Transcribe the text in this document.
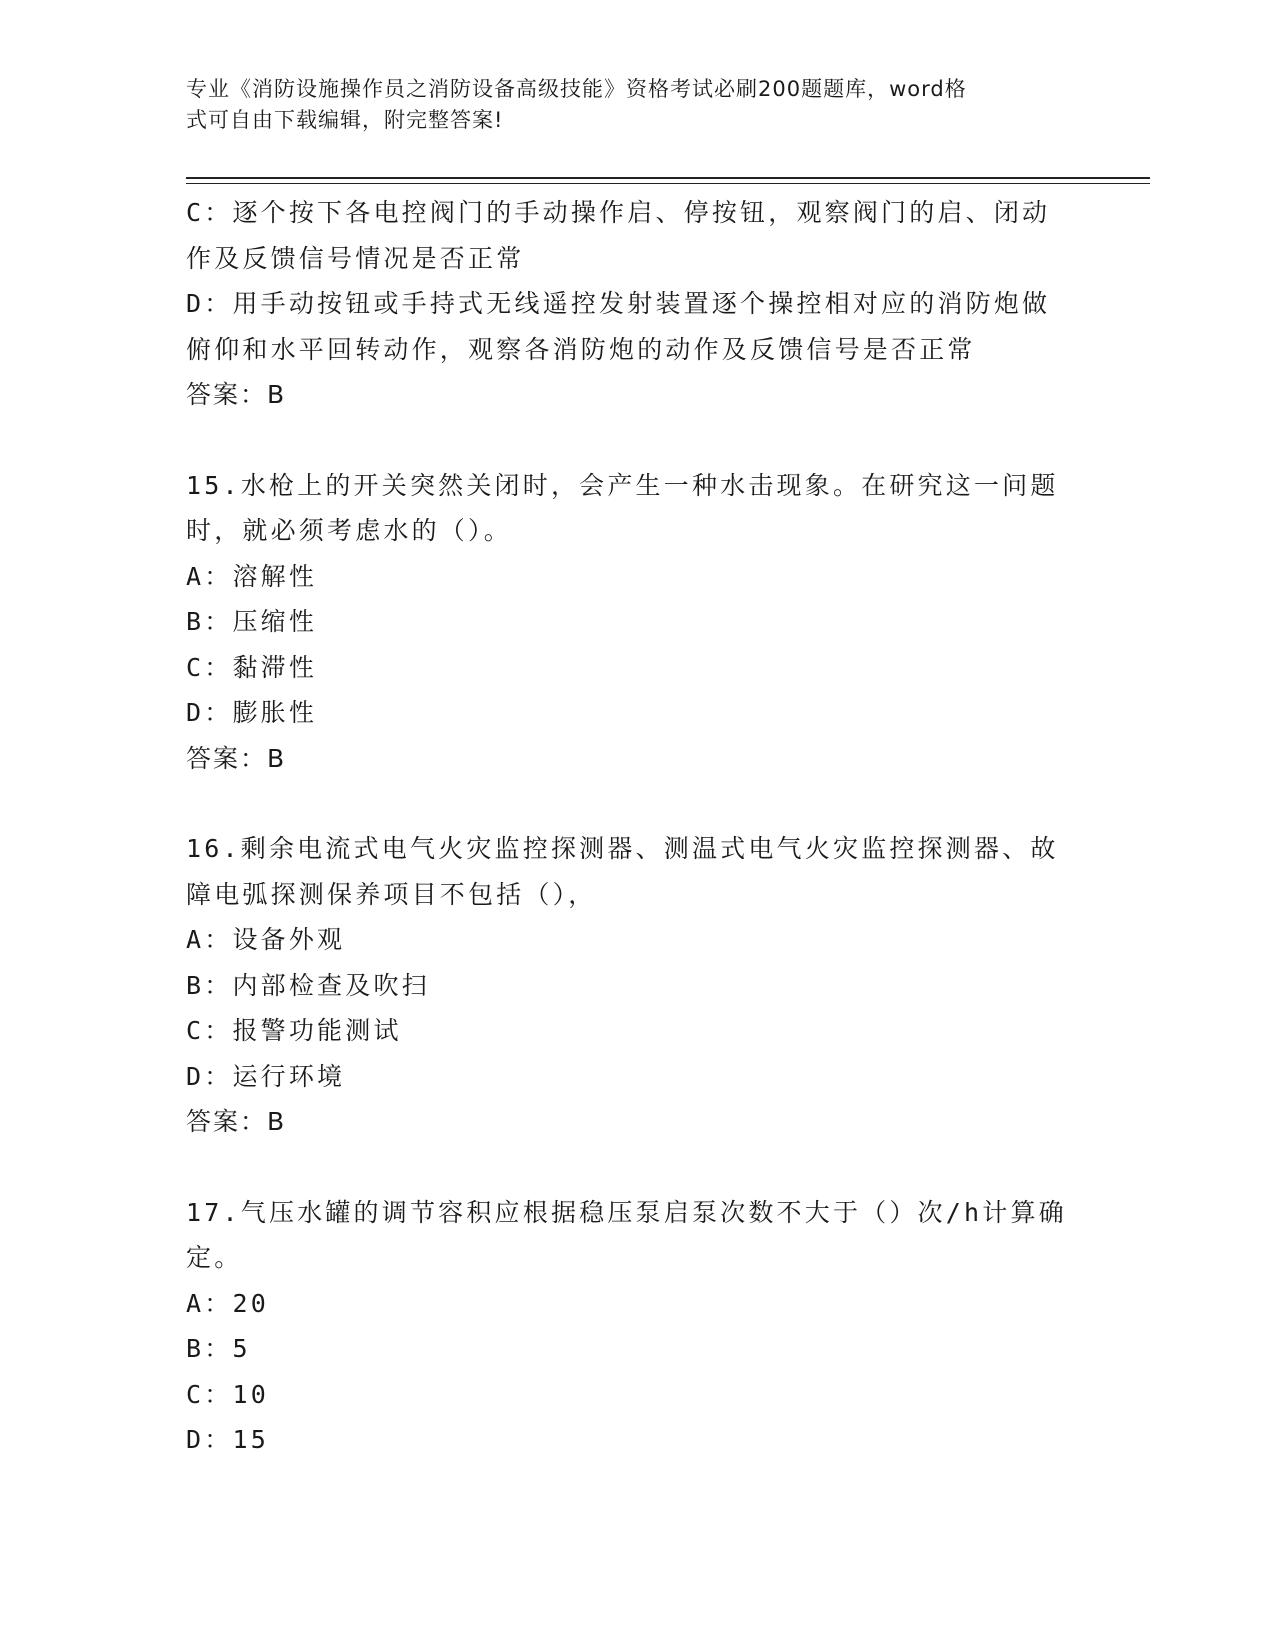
专业《消防设施操作员之消防设备高级技能》资格考试必刷200题题库，word格
式可自由下载编辑，附完整答案!
C：逐个按下各电控阀门的手动操作启、停按钮，观察阀门的启、闭动
作及反馈信号情况是否正常
D：用手动按钮或手持式无线遥控发射装置逐个操控相对应的消防炮做
俯仰和水平回转动作，观察各消防炮的动作及反馈信号是否正常
答案：B
15.水枪上的开关突然关闭时，会产生一种水击现象。在研究这一问题
时，就必须考虑水的（）。
A：溶解性
B：压缩性
C：黏滞性
D：膨胀性
答案：B
16.剩余电流式电气火灾监控探测器、测温式电气火灾监控探测器、故
障电弧探测保养项目不包括（），
A：设备外观
B：内部检查及吹扫
C：报警功能测试
D：运行环境
答案：B
17.气压水罐的调节容积应根据稳压泵启泵次数不大于（）次/h计算确
定。
A：20
B：5
C：10
D：15
